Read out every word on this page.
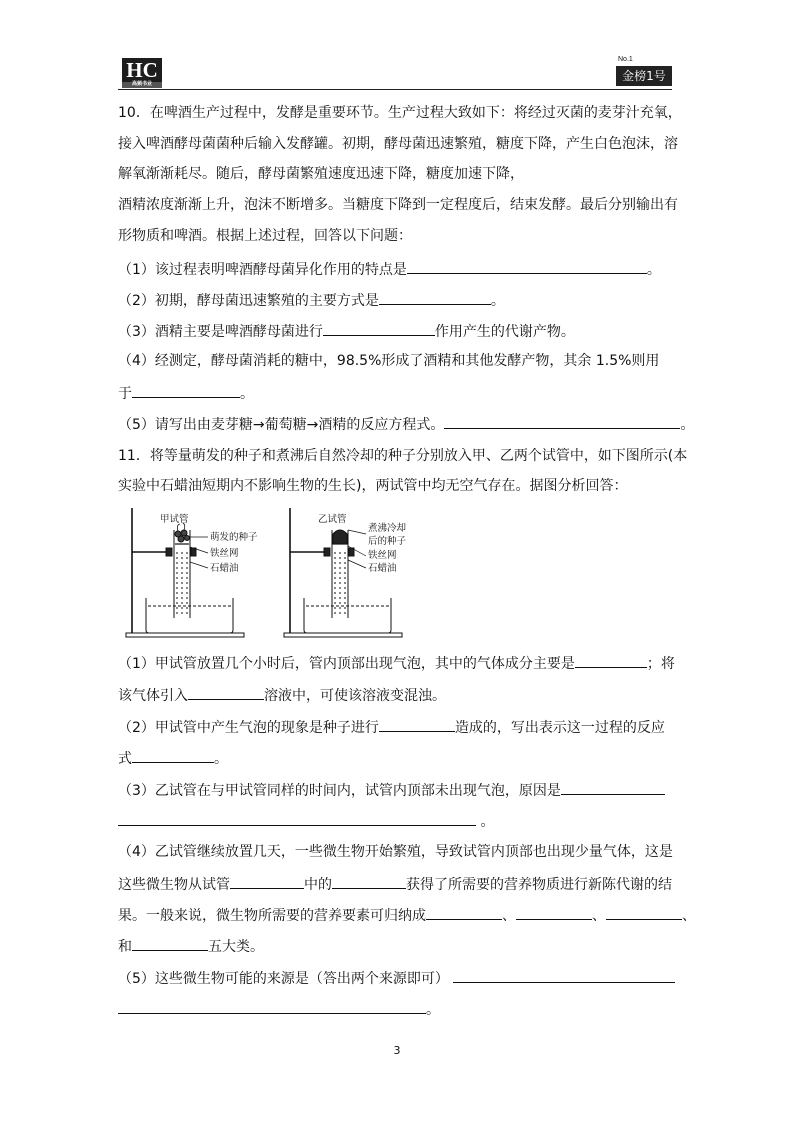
HC
高频书业
No.1
金榜1号
10．在啤酒生产过程中，发酵是重要环节。生产过程大致如下：将经过灭菌的麦芽汁充氧，
接入啤酒酵母菌菌种后输入发酵罐。初期，酵母菌迅速繁殖，糖度下降，产生白色泡沫，溶
解氧渐渐耗尽。随后，酵母菌繁殖速度迅速下降，糖度加速下降，
酒精浓度渐渐上升，泡沫不断增多。当糖度下降到一定程度后，结束发酵。最后分别输出有
形物质和啤酒。根据上述过程，回答以下问题：
（1）该过程表明啤酒酵母菌异化作用的特点是	。
（2）初期，酵母菌迅速繁殖的主要方式是	。
（3）酒精主要是啤酒酵母菌进行	作用产生的代谢产物。
（4）经测定，酵母菌消耗的糖中，98.5%形成了酒精和其他发酵产物，其余 1.5%则用
于	。
（5）请写出由麦芽糖→葡萄糖→酒精的反应方程式。	。
11．将等量萌发的种子和煮沸后自然冷却的种子分别放入甲、乙两个试管中，如下图所示(本
实验中石蜡油短期内不影响生物的生长)，两试管中均无空气存在。据图分析回答：
甲试管
萌发的种子
铁丝网
石蜡油
乙试管
煮沸冷却
后的种子
铁丝网
石蜡油
（1）甲试管放置几个小时后，管内顶部出现气泡，其中的气体成分主要是	；将
该气体引入	溶液中，可使该溶液变混浊。
（2）甲试管中产生气泡的现象是种子进行	造成的，写出表示这一过程的反应
式	。
（3）乙试管在与甲试管同样的时间内，试管内顶部未出现气泡，原因是
。
（4）乙试管继续放置几天，一些微生物开始繁殖，导致试管内顶部也出现少量气体，这是
这些微生物从试管	中的	获得了所需要的营养物质进行新陈代谢的结
果。一般来说，微生物所需要的营养要素可归纳成	、	、	、
和	五大类。
（5）这些微生物可能的来源是（答出两个来源即可）
。
3
